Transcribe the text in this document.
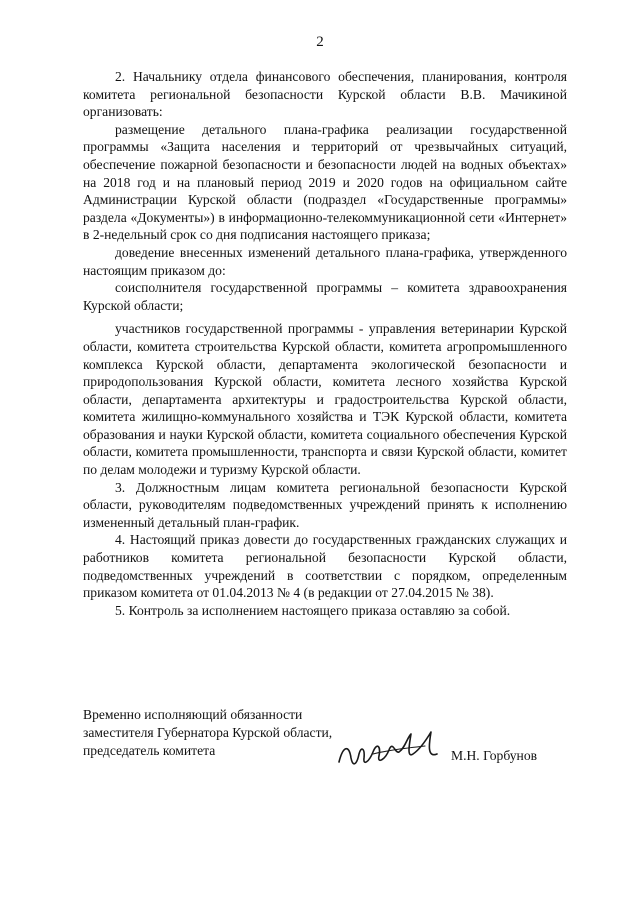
2

2. Начальнику отдела финансового обеспечения, планирования, контроля комитета региональной безопасности Курской области В.В. Мачикиной организовать:

размещение детального плана-графика реализации государственной программы «Защита населения и территорий от чрезвычайных ситуаций, обеспечение пожарной безопасности и безопасности людей на водных объектах» на 2018 год и на плановый период 2019 и 2020 годов на официальном сайте Администрации Курской области (подраздел «Государственные программы» раздела «Документы») в информационно-телекоммуникационной сети «Интернет» в 2-недельный срок со дня подписания настоящего приказа;

доведение внесенных изменений детального плана-графика, утвержденного настоящим приказом до:

соисполнителя государственной программы – комитета здравоохранения Курской области;

участников государственной программы - управления ветеринарии Курской области, комитета строительства Курской области, комитета агропромышленного комплекса Курской области, департамента экологической безопасности и природопользования Курской области, комитета лесного хозяйства Курской области, департамента архитектуры и градостроительства Курской области, комитета жилищно-коммунального хозяйства и ТЭК Курской области, комитета образования и науки Курской области, комитета социального обеспечения Курской области, комитета промышленности, транспорта и связи Курской области, комитет по делам молодежи и туризму Курской области.

3. Должностным лицам комитета региональной безопасности Курской области, руководителям подведомственных учреждений принять к исполнению измененный детальный план-график.

4. Настоящий приказ довести до государственных гражданских служащих и работников комитета региональной безопасности Курской области, подведомственных учреждений в соответствии с порядком, определенным приказом комитета от 01.04.2013 № 4 (в редакции от 27.04.2015 № 38).

5. Контроль за исполнением настоящего приказа оставляю за собой.

Временно исполняющий обязанности
заместителя Губернатора Курской области,
председатель комитета	М.Н. Горбунов
